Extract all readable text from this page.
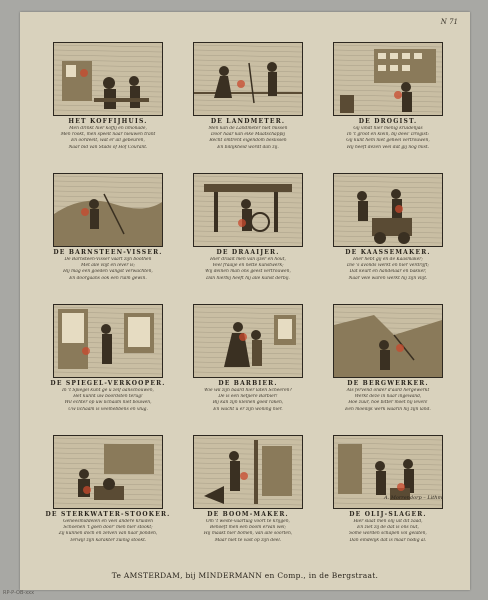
N 71
HET KOFFIJHUIS.
Men drinkt hier koffij en limonade,
Men rookt, men speelt naar nieuwen trant
En oordeelt, wat er all gebeuren,
Naar bid van Stads of Hof Courant.
DE LANDMETER.
Men kan de Landmeter niet missen
Door haar kan elke Maatschappij
Recht omtrent eigendom beslissen
En billijkheid wordt dan zij.
DE DROGIST.
Gij vindt hier menig kruidenjas
In 't groot en klein, bij dees' Drogist:
Gij kunt hem niet geheel vertrouwen,
Hij heeft dezen veel dat gij nog mist.
DE BARNSTEEN-VISSER.
De Barnsteen-Visser vaart zijn boothen
Met alle vlijt en lever is;
Hij mag een goeden vangst verwachten,
En doorgaans ook een ruim gewin.
DE DRAAIJER.
Hier draait men van ijzer en hout,
Veel fraaije en nette kunstwerk;
Wij deinen man ons geest vertrouwen,
Dan hierbij heeft hij alle kunst derbij.
DE KAASSEMAKER.
Hier hebt gij en de Kaasmaker;
Die 's avonds werkt en hier verdrijft;
Dat keurt en handelaar en bakker,
Naar vele waren werkt hij zijn vlijt.
DE SPIEGEL-VERKOOPER.
In 't Spiegel kunt ge u zelf aanschouwen,
Het kunnt uw boordsten terug!
Wil echter op uw lichaam niet bouwen,
Uw lichaam is veelhebbens en vlug.
DE BARBIER.
Wie wil zijn baard hier laten Scheeren?
De is een netjiere Barbier!
Bij kan zijn kleinen goed raken,
En wacht u er zijn woning hier.
DE BERGWERKER.
Als fervend onder d'aard hergewerkt
Werkt deze in haar ingewand,
Hoe zuur, hoe bitter moet hij leven!
Een moeilijk werk waarin hij zijn land.
DE STERKWATER-STOOKER.
Geneesmiddelen en veel andere kruiden
Schoenen 't goen door' men hier stookt;
Zij kunnen doch en zelven van haar ponden,
Terwijl zijn karakter zuinig stookt.
DE BOOM-MAKER.
Om 't weste-vaartuig voort te krijgen,
Behoeft men een boom ervan wel;
Hij maakt hier bomen, van alle soorten,
Maar niet te vast op zijn deel.
DE OLIJ-SLAGER.
Hier slaat men olij uit dit zaad,
En ziet zij de dat is ons nut,
Some worden schapen vol gelaten,
Dan eindelijk dat is maar nodig al.
A. Morrendorp – Lithm
Te AMSTERDAM, bij MINDERMANN en Comp., in de Bergstraat.
RP-P-OB-xxx
